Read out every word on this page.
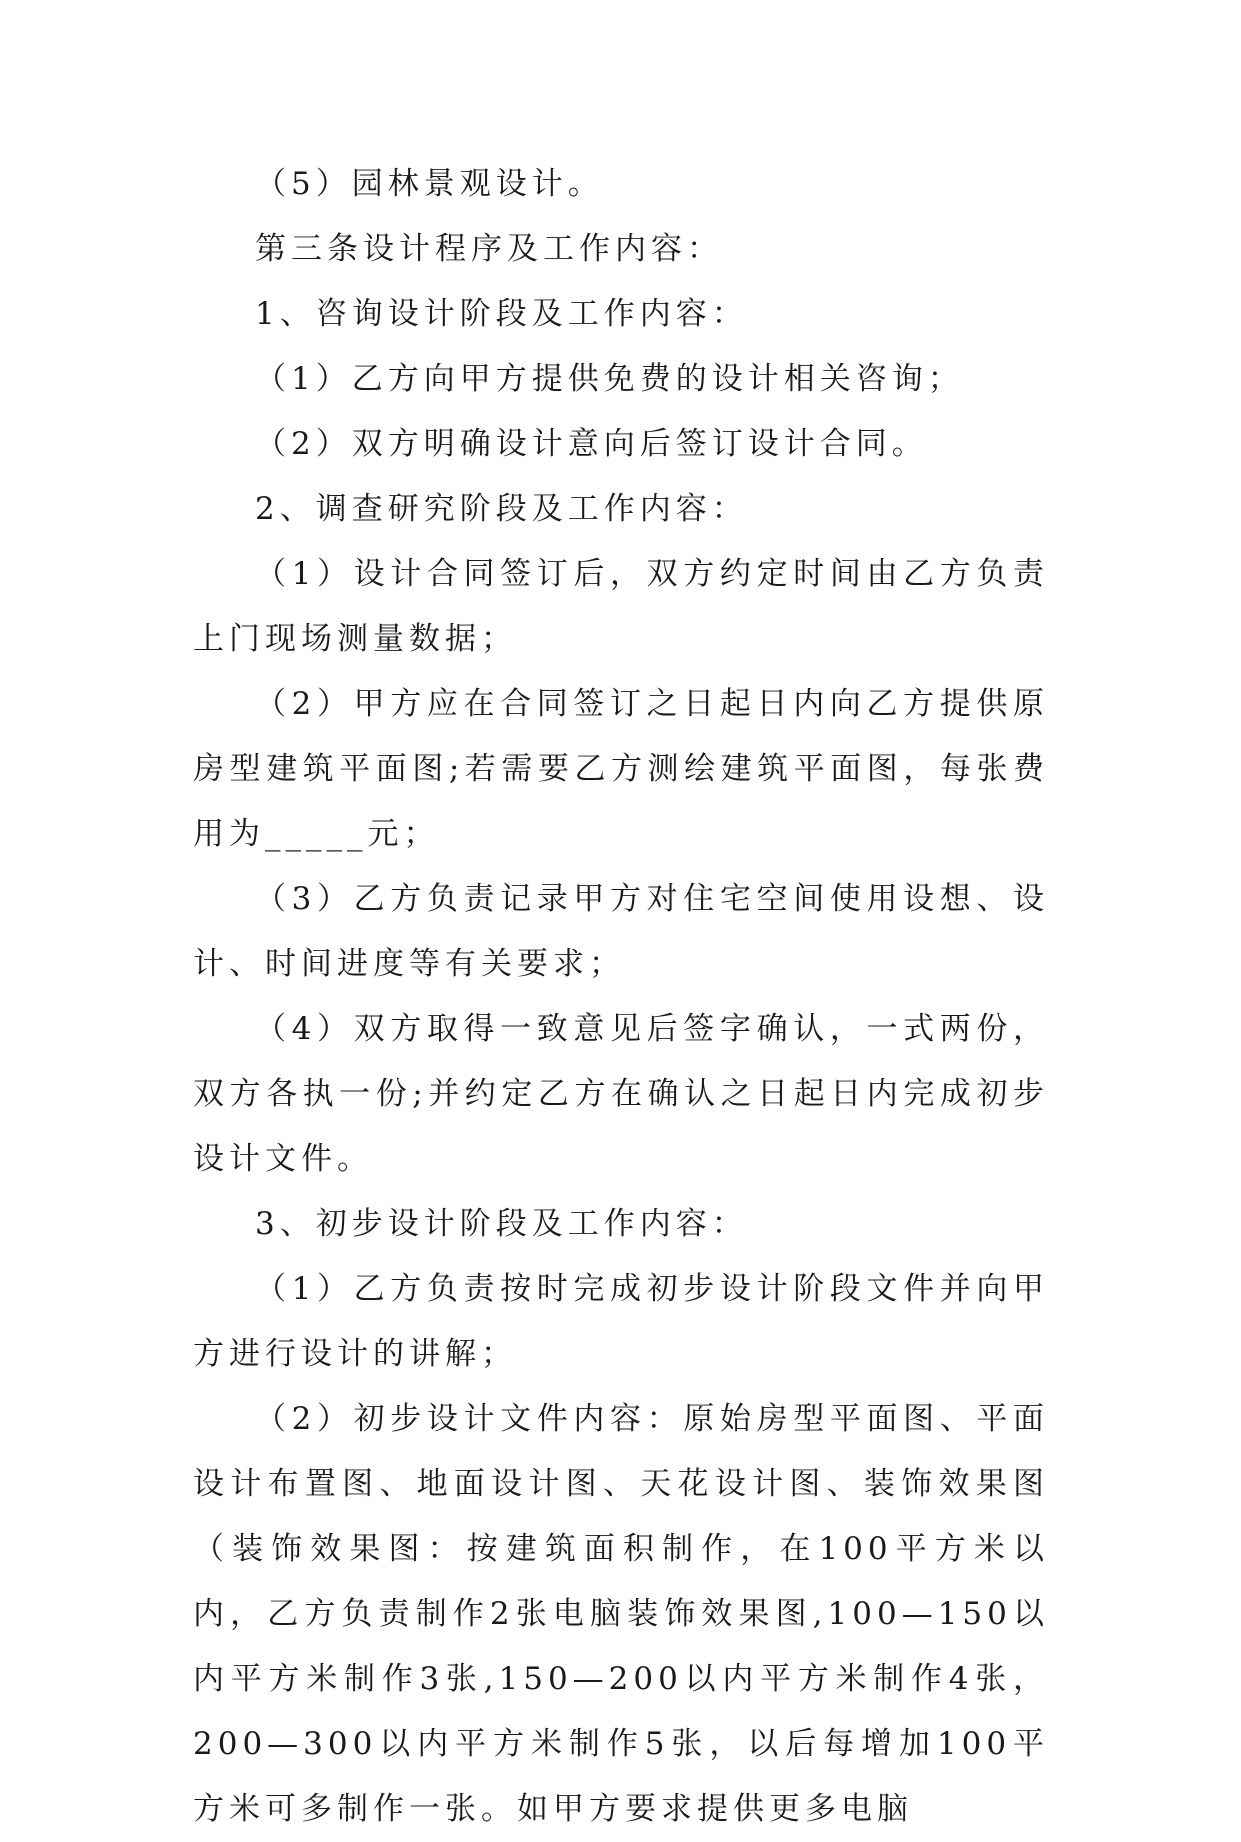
（5）园林景观设计。

第三条设计程序及工作内容：

1、咨询设计阶段及工作内容：

（1）乙方向甲方提供免费的设计相关咨询；

（2）双方明确设计意向后签订设计合同。

2、调查研究阶段及工作内容：

（1）设计合同签订后，双方约定时间由乙方负责上门现场测量数据；

（2）甲方应在合同签订之日起日内向乙方提供原房型建筑平面图;若需要乙方测绘建筑平面图，每张费用为_____元；

（3）乙方负责记录甲方对住宅空间使用设想、设计、时间进度等有关要求；

（4）双方取得一致意见后签字确认，一式两份，双方各执一份;并约定乙方在确认之日起日内完成初步设计文件。

3、初步设计阶段及工作内容：

（1）乙方负责按时完成初步设计阶段文件并向甲方进行设计的讲解；

（2）初步设计文件内容：原始房型平面图、平面设计布置图、地面设计图、天花设计图、装饰效果图（装饰效果图：按建筑面积制作，在100平方米以内，乙方负责制作2张电脑装饰效果图,100—150以内平方米制作3张,150—200以内平方米制作4张，200—300以内平方米制作5张，以后每增加100平方米可多制作一张。如甲方要求提供更多电脑
